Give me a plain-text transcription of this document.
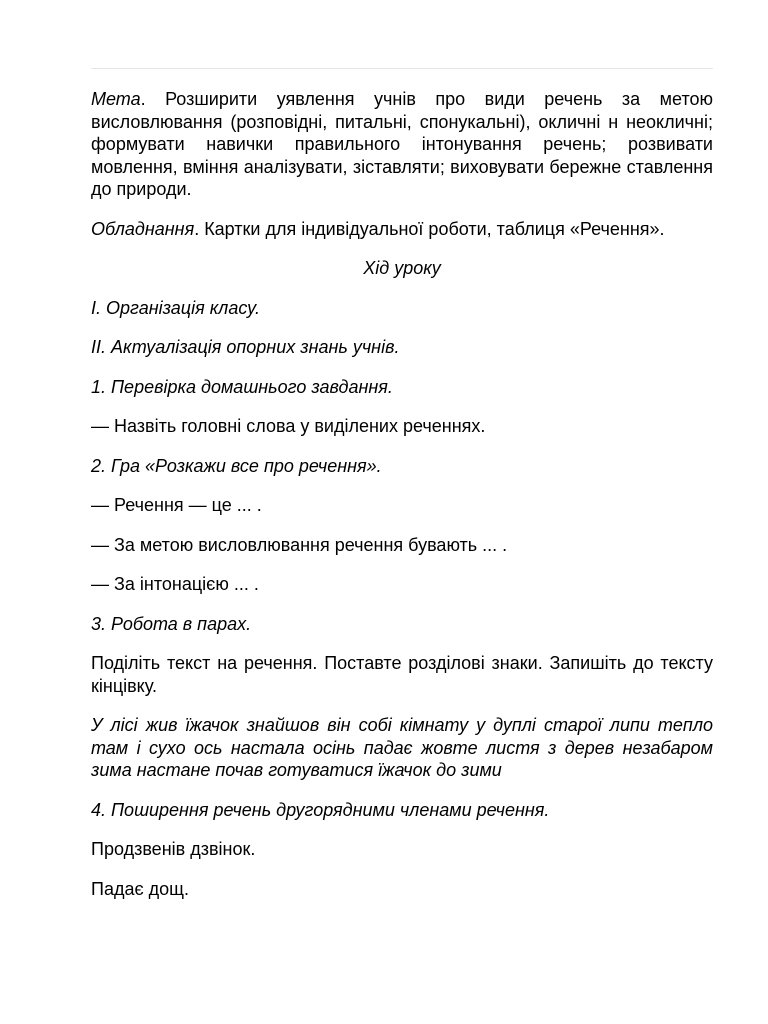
Мета. Розширити уявлення учнів про види речень за метою висловлювання (розповідні, питальні, спонукальні), окличні н неокличні; формувати навички правильного інтонування речень; розвивати мовлення, вміння аналізувати, зіставляти; виховувати бережне ставлення до природи.

Обладнання. Картки для індивідуальної роботи, таблиця «Речення».

Хід уроку

I. Організація класу.

II. Актуалізація опорних знань учнів.

1. Перевірка домашнього завдання.

— Назвіть головні слова у виділених реченнях.

2. Гра «Розкажи все про речення».

— Речення — це ... .

— За метою висловлювання речення бувають ... .

— За інтонацією ... .

3. Робота в парах.

Поділіть текст на речення. Поставте розділові знаки. Запишіть до тексту кінцівку.

У лісі жив їжачок знайшов він собі кімнату у дуплі старої липи тепло там і сухо ось настала осінь падає жовте листя з дерев незабаром зима настане почав готуватися їжачок до зими

4. Поширення речень другорядними членами речення.

Продзвенів дзвінок.

Падає дощ.
